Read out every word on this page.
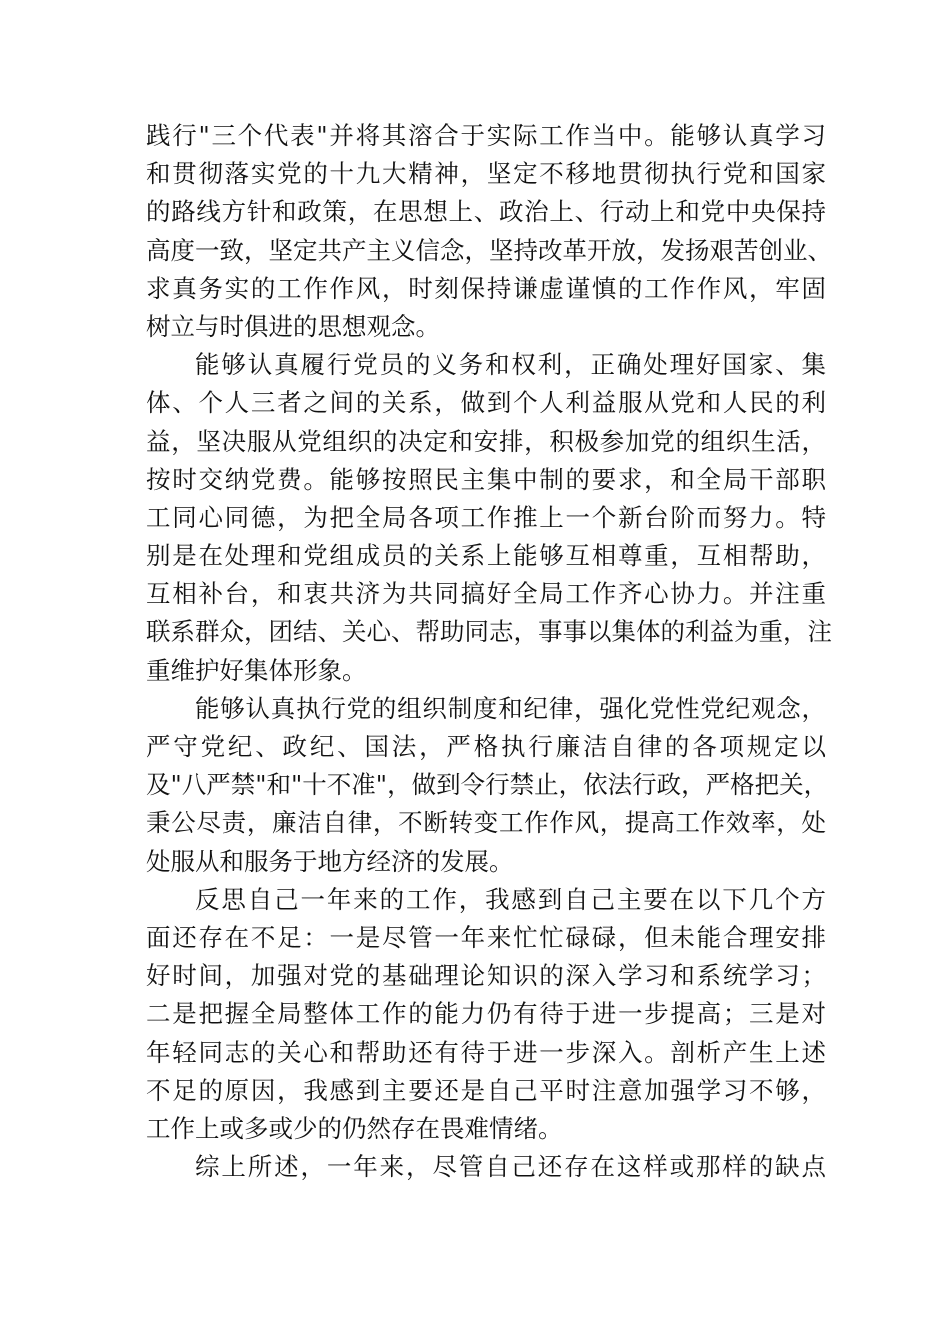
践行"三个代表"并将其溶合于实际工作当中。能够认真学习
和贯彻落实党的十九大精神，坚定不移地贯彻执行党和国家
的路线方针和政策，在思想上、政治上、行动上和党中央保持
高度一致，坚定共产主义信念，坚持改革开放，发扬艰苦创业、
求真务实的工作作风，时刻保持谦虚谨慎的工作作风，牢固
树立与时俱进的思想观念。
能够认真履行党员的义务和权利，正确处理好国家、集
体、个人三者之间的关系，做到个人利益服从党和人民的利
益，坚决服从党组织的决定和安排，积极参加党的组织生活，
按时交纳党费。能够按照民主集中制的要求，和全局干部职
工同心同德，为把全局各项工作推上一个新台阶而努力。特
别是在处理和党组成员的关系上能够互相尊重，互相帮助，
互相补台，和衷共济为共同搞好全局工作齐心协力。并注重
联系群众，团结、关心、帮助同志，事事以集体的利益为重，注
重维护好集体形象。
能够认真执行党的组织制度和纪律，强化党性党纪观念，
严守党纪、政纪、国法，严格执行廉洁自律的各项规定以
及"八严禁"和"十不准"，做到令行禁止，依法行政，严格把关，
秉公尽责，廉洁自律，不断转变工作作风，提高工作效率，处
处服从和服务于地方经济的发展。
反思自己一年来的工作，我感到自己主要在以下几个方
面还存在不足：一是尽管一年来忙忙碌碌，但未能合理安排
好时间，加强对党的基础理论知识的深入学习和系统学习；
二是把握全局整体工作的能力仍有待于进一步提高；三是对
年轻同志的关心和帮助还有待于进一步深入。剖析产生上述
不足的原因，我感到主要还是自己平时注意加强学习不够，
工作上或多或少的仍然存在畏难情绪。
综上所述，一年来，尽管自己还存在这样或那样的缺点
